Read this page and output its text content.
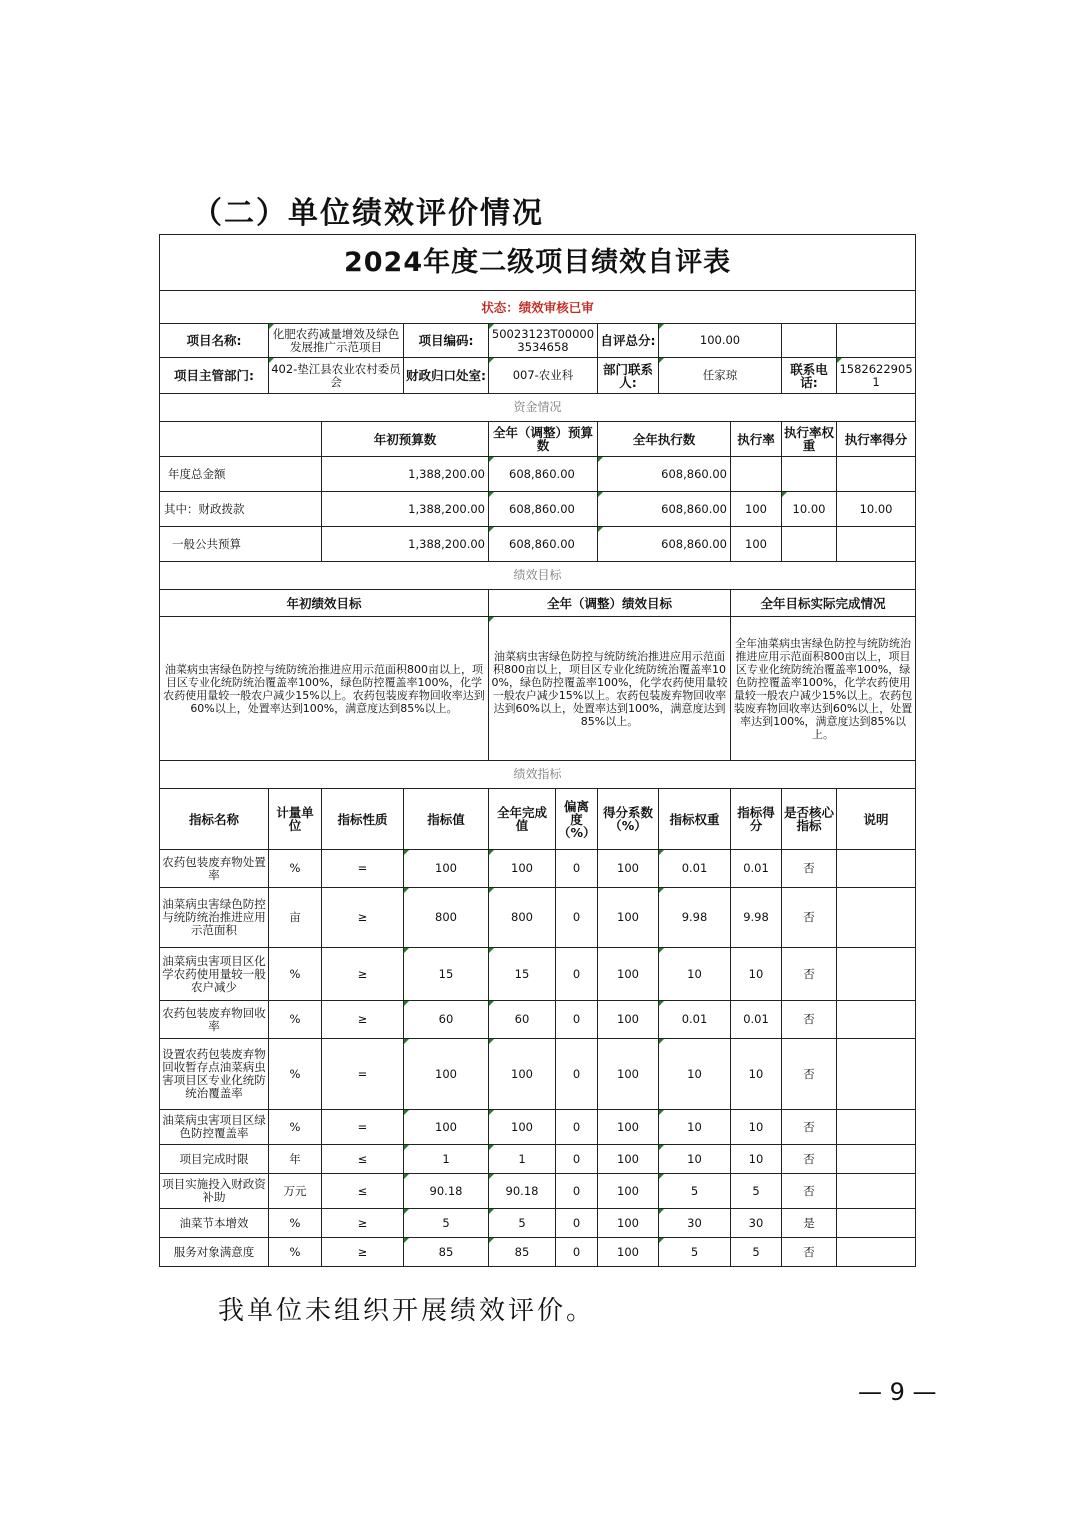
（二）单位绩效评价情况
2024年度二级项目绩效自评表										
状态：绩效审核已审										
项目名称:	化肥农药减量增效及绿色发展推广示范项目		项目编码:	50023123T000003534658		自评总分:	100.00			
项目主管部门:	402-垫江县农业农村委员会		财政归口处室:	007-农业科		部门联系人:	任家琼		联系电话:	15826229051
资金情况										
		年初预算数		全年（调整）预算数		全年执行数		执行率	执行率权重	执行率得分
年度总金额		1,388,200.00		608,860.00		608,860.00				
其中：财政拨款		1,388,200.00		608,860.00		608,860.00		100	10.00	10.00
一般公共预算		1,388,200.00		608,860.00		608,860.00		100		
绩效目标										
年初绩效目标				全年（调整）绩效目标				全年目标实际完成情况		
油菜病虫害绿色防控与统防统治推进应用示范面积800亩以上，项目区专业化统防统治覆盖率100%，绿色防控覆盖率100%，化学农药使用量较一般农户减少15%以上。农药包装废弃物回收率达到60%以上，处置率达到100%，满意度达到85%以上。				油菜病虫害绿色防控与统防统治推进应用示范面积800亩以上，项目区专业化统防统治覆盖率100%，绿色防控覆盖率100%，化学农药使用量较一般农户减少15%以上。农药包装废弃物回收率达到60%以上，处置率达到100%，满意度达到85%以上。				全年油菜病虫害绿色防控与统防统治推进应用示范面积800亩以上，项目区专业化统防统治覆盖率100%，绿色防控覆盖率100%，化学农药使用量较一般农户减少15%以上。农药包装废弃物回收率达到60%以上，处置率达到100%，满意度达到85%以上。		
绩效指标										
指标名称	计量单位	指标性质	指标值	全年完成值	偏离度（%）	得分系数（%）	指标权重	指标得分	是否核心指标	说明
农药包装废弃物处置率	%	=	100	100	0	100	0.01	0.01	否	
油菜病虫害绿色防控与统防统治推进应用示范面积	亩	≥	800	800	0	100	9.98	9.98	否	
油菜病虫害项目区化学农药使用量较一般农户减少	%	≥	15	15	0	100	10	10	否	
农药包装废弃物回收率	%	≥	60	60	0	100	0.01	0.01	否	
设置农药包装废弃物回收暂存点油菜病虫害项目区专业化统防统治覆盖率	%	=	100	100	0	100	10	10	否	
油菜病虫害项目区绿色防控覆盖率	%	=	100	100	0	100	10	10	否	
项目完成时限	年	≤	1	1	0	100	10	10	否	
项目实施投入财政资补助	万元	≤	90.18	90.18	0	100	5	5	否	
油菜节本增效	%	≥	5	5	0	100	30	30	是	
服务对象满意度	%	≥	85	85	0	100	5	5	否	
我单位未组织开展绩效评价。
— 9 —
